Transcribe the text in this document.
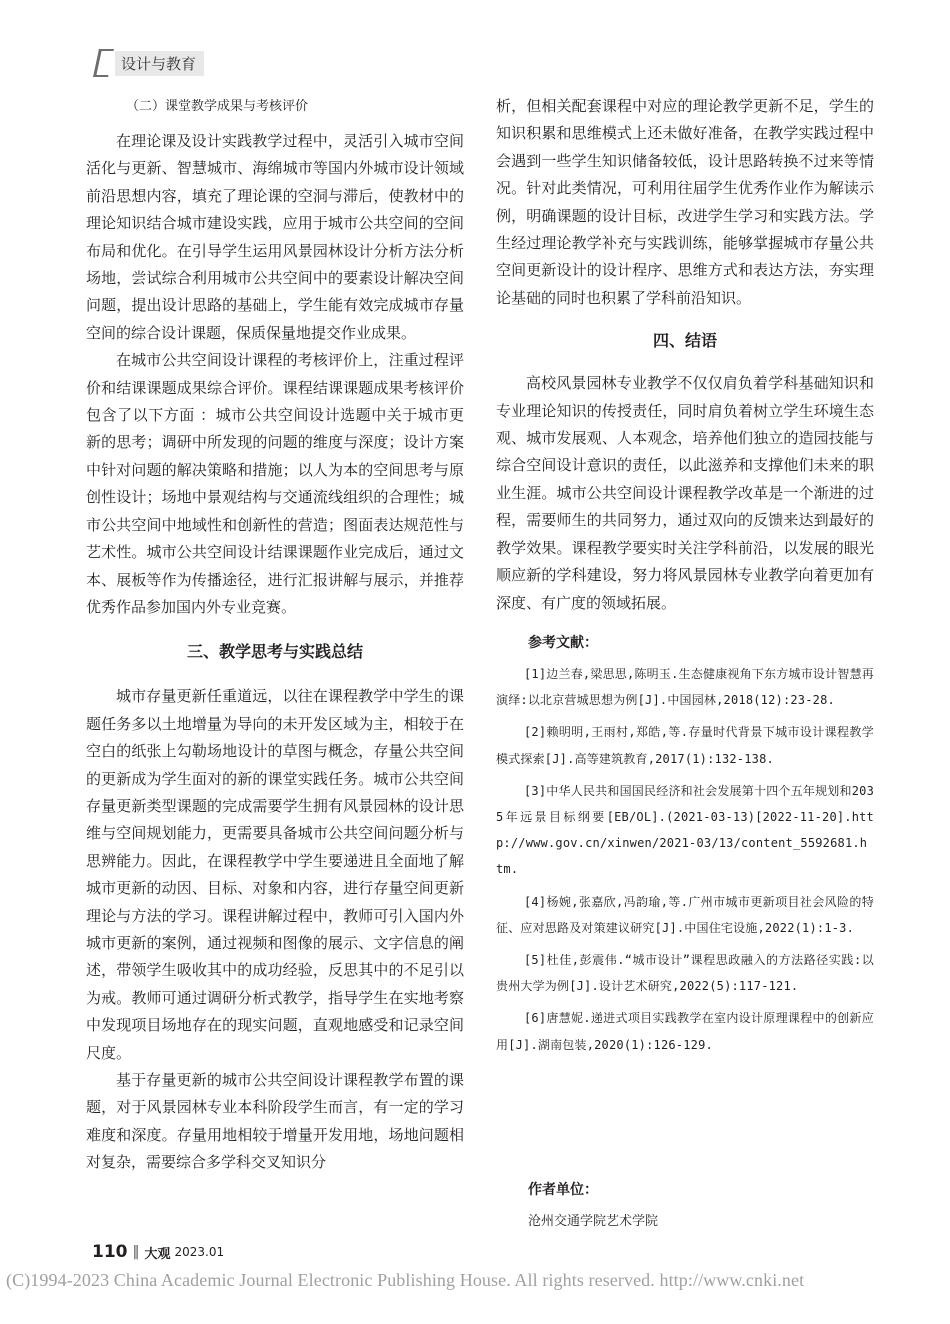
设计与教育
（二）课堂教学成果与考核评价

在理论课及设计实践教学过程中，灵活引入城市空间活化与更新、智慧城市、海绵城市等国内外城市设计领域前沿思想内容，填充了理论课的空洞与滞后，使教材中的理论知识结合城市建设实践，应用于城市公共空间的空间布局和优化。在引导学生运用风景园林设计分析方法分析场地，尝试综合利用城市公共空间中的要素设计解决空间问题，提出设计思路的基础上，学生能有效完成城市存量空间的综合设计课题，保质保量地提交作业成果。

在城市公共空间设计课程的考核评价上，注重过程评价和结课课题成果综合评价。课程结课课题成果考核评价包含了以下方面 ：城市公共空间设计选题中关于城市更新的思考；调研中所发现的问题的维度与深度；设计方案中针对问题的解决策略和措施；以人为本的空间思考与原创性设计；场地中景观结构与交通流线组织的合理性；城市公共空间中地域性和创新性的营造；图面表达规范性与艺术性。城市公共空间设计结课课题作业完成后，通过文本、展板等作为传播途径，进行汇报讲解与展示，并推荐优秀作品参加国内外专业竞赛。

三、教学思考与实践总结

城市存量更新任重道远，以往在课程教学中学生的课题任务多以土地增量为导向的未开发区域为主，相较于在空白的纸张上勾勒场地设计的草图与概念，存量公共空间的更新成为学生面对的新的课堂实践任务。城市公共空间存量更新类型课题的完成需要学生拥有风景园林的设计思维与空间规划能力，更需要具备城市公共空间问题分析与思辨能力。因此，在课程教学中学生要递进且全面地了解城市更新的动因、目标、对象和内容，进行存量空间更新理论与方法的学习。课程讲解过程中，教师可引入国内外城市更新的案例，通过视频和图像的展示、文字信息的阐述，带领学生吸收其中的成功经验，反思其中的不足引以为戒。教师可通过调研分析式教学，指导学生在实地考察中发现项目场地存在的现实问题，直观地感受和记录空间尺度。

基于存量更新的城市公共空间设计课程教学布置的课题，对于风景园林专业本科阶段学生而言，有一定的学习难度和深度。存量用地相较于增量开发用地，场地问题相对复杂，需要综合多学科交叉知识分

析，但相关配套课程中对应的理论教学更新不足，学生的知识积累和思维模式上还未做好准备，在教学实践过程中会遇到一些学生知识储备较低，设计思路转换不过来等情况。针对此类情况，可利用往届学生优秀作业作为解读示例，明确课题的设计目标，改进学生学习和实践方法。学生经过理论教学补充与实践训练，能够掌握城市存量公共空间更新设计的设计程序、思维方式和表达方法，夯实理论基础的同时也积累了学科前沿知识。

四、结语

高校风景园林专业教学不仅仅肩负着学科基础知识和专业理论知识的传授责任，同时肩负着树立学生环境生态观、城市发展观、人本观念，培养他们独立的造园技能与综合空间设计意识的责任，以此滋养和支撑他们未来的职业生涯。城市公共空间设计课程教学改革是一个渐进的过程，需要师生的共同努力，通过双向的反馈来达到最好的教学效果。课程教学要实时关注学科前沿，以发展的眼光顺应新的学科建设，努力将风景园林专业教学向着更加有深度、有广度的领域拓展。

参考文献：

[1]边兰春,梁思思,陈明玉.生态健康视角下东方城市设计智慧再演绎:以北京营城思想为例[J].中国园林,2018(12):23-28.

[2]赖明明,王雨村,郑皓,等.存量时代背景下城市设计课程教学模式探索[J].高等建筑教育,2017(1):132-138.

[3]中华人民共和国国民经济和社会发展第十四个五年规划和2035年远景目标纲要[EB/OL].(2021-03-13)[2022-11-20].http://www.gov.cn/xinwen/2021-03/13/content_5592681.htm.

[4]杨婉,张嘉欣,冯韵瑜,等.广州市城市更新项目社会风险的特征、应对思路及对策建议研究[J].中国住宅设施,2022(1):1-3.

[5]杜佳,彭震伟.“城市设计”课程思政融入的方法路径实践:以贵州大学为例[J].设计艺术研究,2022(5):117-121.

[6]唐慧妮.递进式项目实践教学在室内设计原理课程中的创新应用[J].湖南包装,2020(1):126-129.

作者单位：
沧州交通学院艺术学院
110 ‖ 大观 2023.01
(C)1994-2023 China Academic Journal Electronic Publishing House. All rights reserved. http://www.cnki.net
